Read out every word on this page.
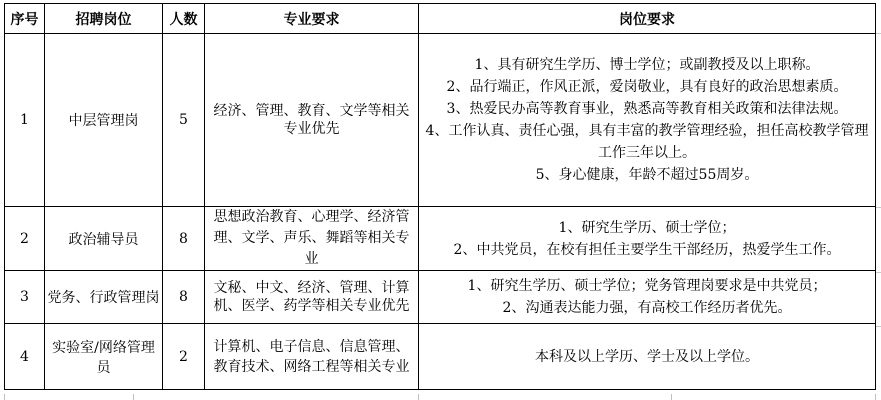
序号	招聘岗位	人数	专业要求	岗位要求
1	中层管理岗	5	经济、管理、教育、文学等相关专业优先	1、具有研究生学历、博士学位；或副教授及以上职称。
2、品行端正，作风正派，爱岗敬业，具有良好的政治思想素质。
3、热爱民办高等教育事业，熟悉高等教育相关政策和法律法规。
4、工作认真、责任心强，具有丰富的教学管理经验，担任高校教学管理工作三年以上。
5、身心健康，年龄不超过55周岁。

2	政治辅导员	8	思想政治教育、心理学、经济管理、文学、声乐、舞蹈等相关专业	1、研究生学历、硕士学位；
2、中共党员，在校有担任主要学生干部经历，热爱学生工作。

3	党务、行政管理岗	8	文秘、中文、经济、管理、计算机、医学、药学等相关专业优先	1、研究生学历、硕士学位；党务管理岗要求是中共党员；
2、沟通表达能力强，有高校工作经历者优先。

4	实验室/网络管理员	2	计算机、电子信息、信息管理、教育技术、网络工程等相关专业	本科及以上学历、学士及以上学位。
